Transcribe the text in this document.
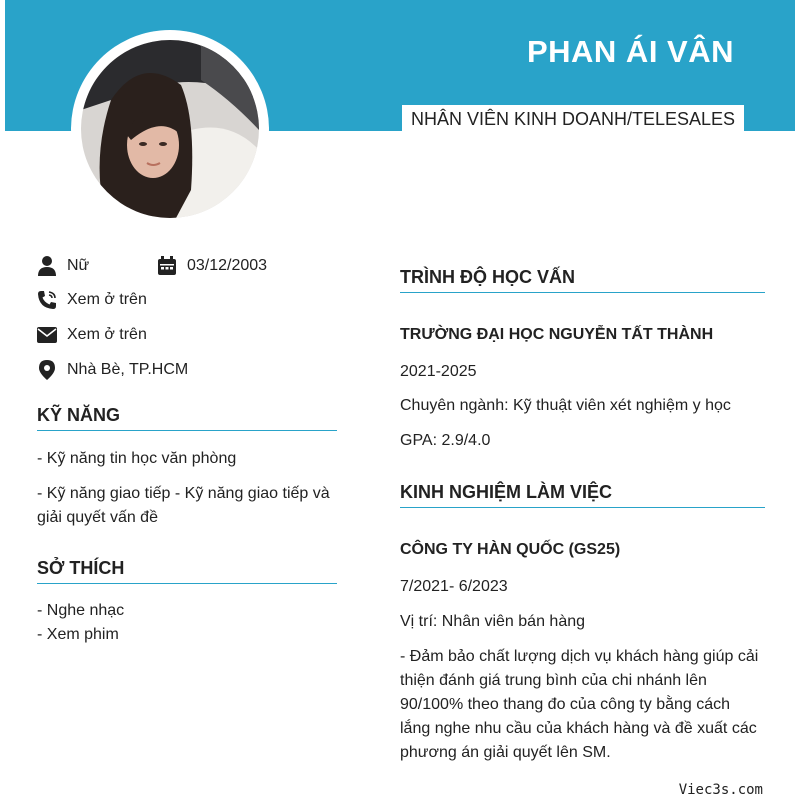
PHAN ÁI VÂN
NHÂN VIÊN KINH DOANH/TELESALES
Nữ	03/12/2003
Xem ở trên
Xem ở trên
Nhà Bè, TP.HCM
KỸ NĂNG
- Kỹ năng tin học văn phòng
- Kỹ năng giao tiếp - Kỹ năng giao tiếp và giải quyết vấn đề
SỞ THÍCH
- Nghe nhạc
- Xem phim
TRÌNH ĐỘ HỌC VẤN
TRƯỜNG ĐẠI HỌC NGUYỄN TẤT THÀNH
2021-2025
Chuyên ngành: Kỹ thuật viên xét nghiệm y học
GPA: 2.9/4.0
KINH NGHIỆM LÀM VIỆC
CÔNG TY HÀN QUỐC (GS25)
7/2021- 6/2023
Vị trí: Nhân viên bán hàng
- Đảm bảo chất lượng dịch vụ khách hàng giúp cải thiện đánh giá trung bình của chi nhánh lên 90/100% theo thang đo của công ty bằng cách lắng nghe nhu cầu của khách hàng và đề xuất các phương án giải quyết lên SM.
Viec3s.com
